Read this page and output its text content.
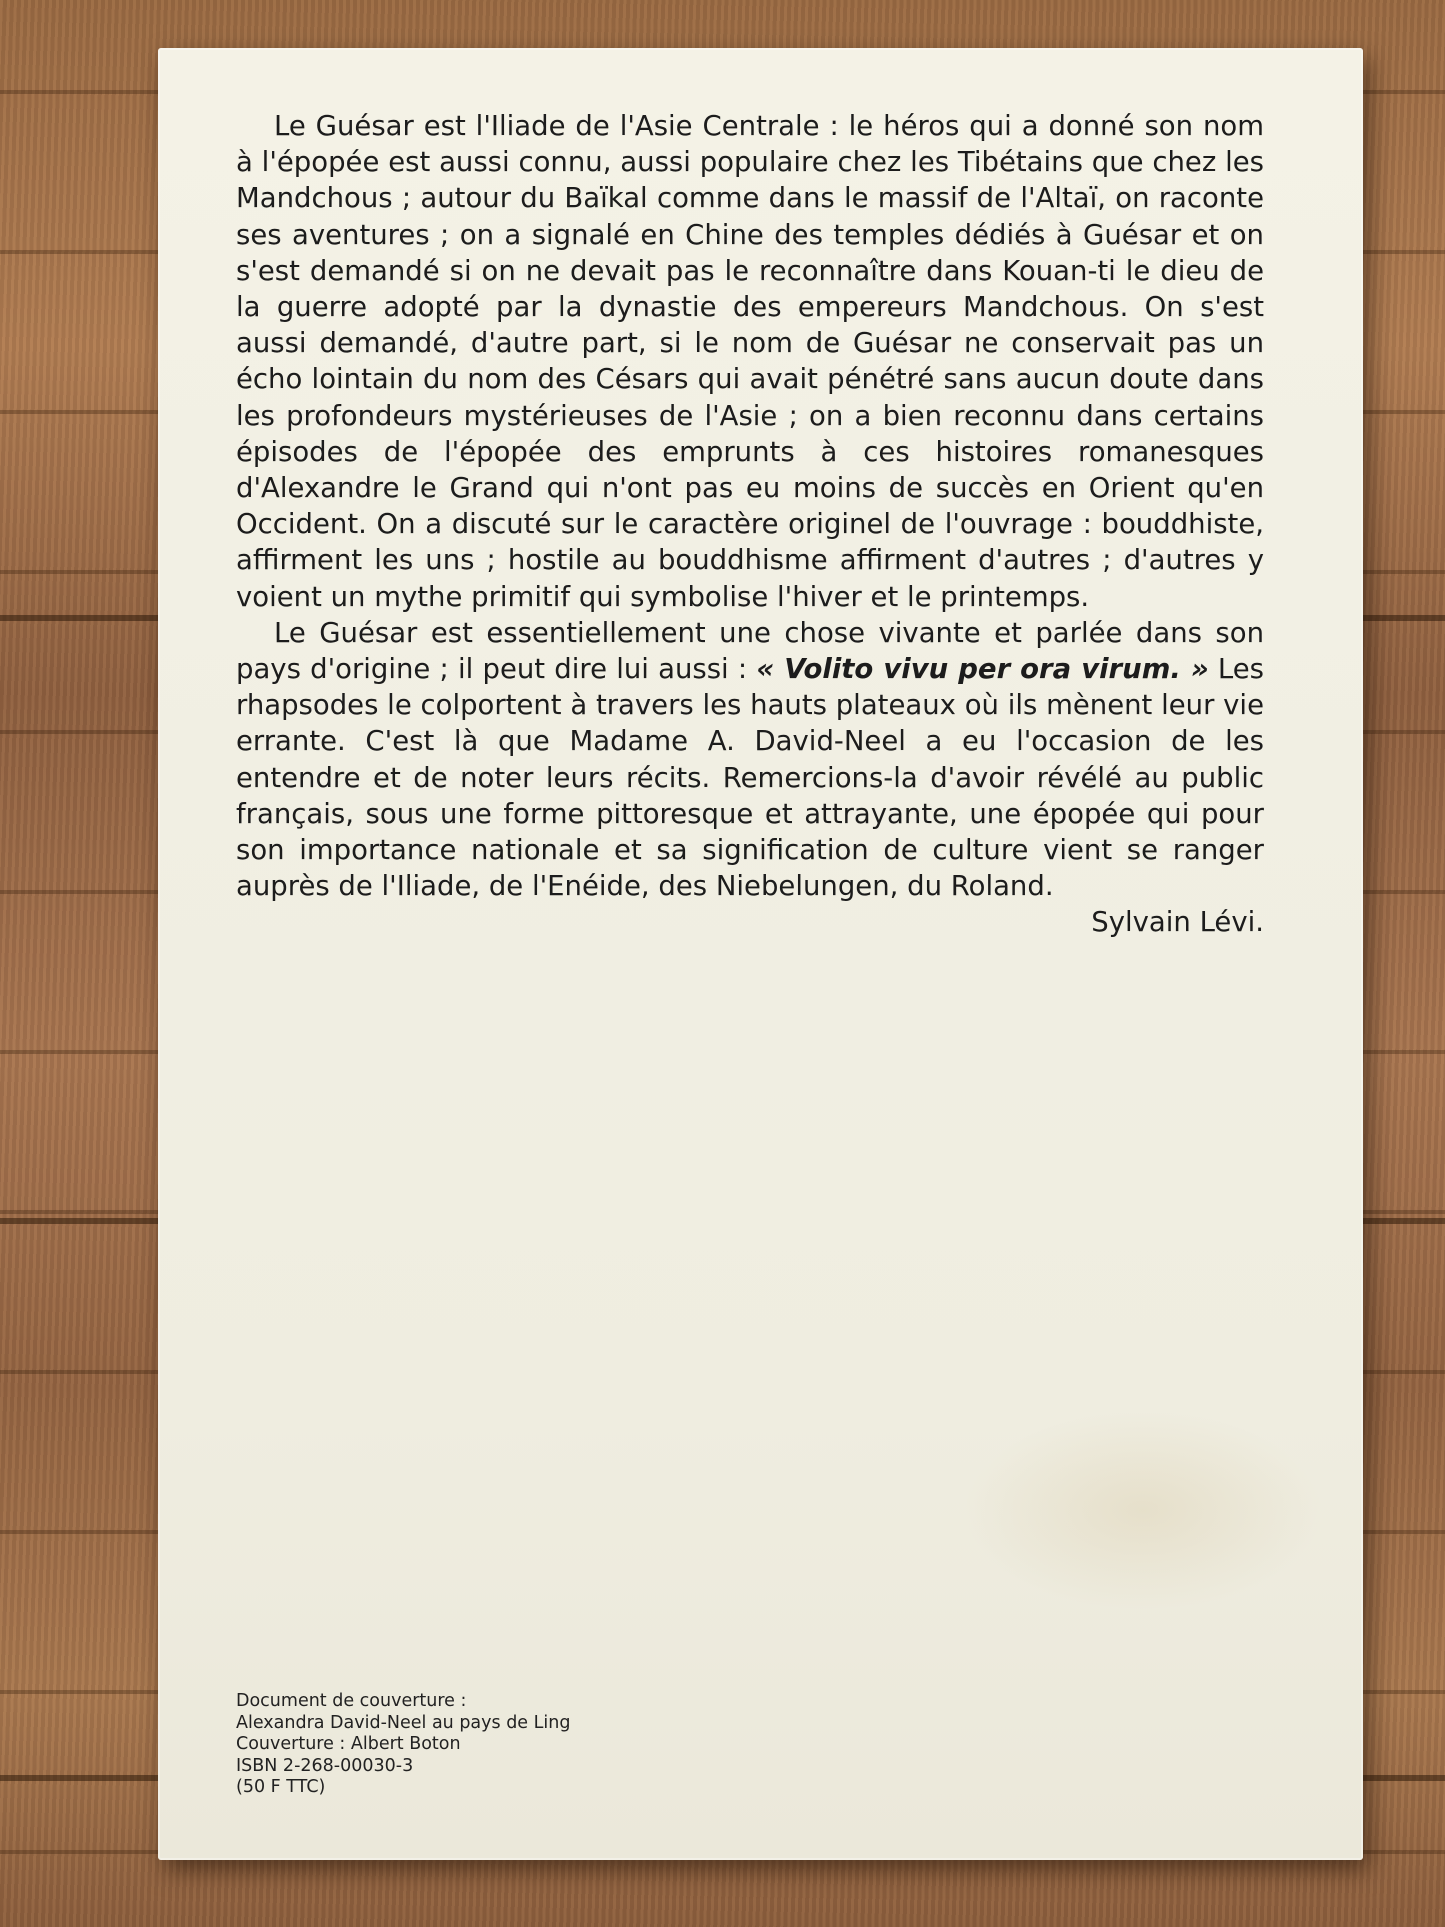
Le Guésar est l'Iliade de l'Asie Centrale : le héros qui a donné son nom à l'épopée est aussi connu, aussi populaire chez les Tibétains que chez les Mandchous ; autour du Baïkal comme dans le massif de l'Altaï, on raconte ses aventures ; on a signalé en Chine des temples dédiés à Guésar et on s'est demandé si on ne devait pas le reconnaître dans Kouan-ti le dieu de la guerre adopté par la dynastie des empereurs Mandchous. On s'est aussi demandé, d'autre part, si le nom de Guésar ne conservait pas un écho lointain du nom des Césars qui avait pénétré sans aucun doute dans les profondeurs mystérieuses de l'Asie ; on a bien reconnu dans certains épisodes de l'épopée des emprunts à ces histoires romanesques d'Alexandre le Grand qui n'ont pas eu moins de succès en Orient qu'en Occident. On a discuté sur le caractère originel de l'ouvrage : bouddhiste, affirment les uns ; hostile au bouddhisme affirment d'autres ; d'autres y voient un mythe primitif qui symbolise l'hiver et le printemps.

Le Guésar est essentiellement une chose vivante et parlée dans son pays d'origine ; il peut dire lui aussi : « Volito vivu per ora virum. » Les rhapsodes le colportent à travers les hauts plateaux où ils mènent leur vie errante. C'est là que Madame A. David-Neel a eu l'occasion de les entendre et de noter leurs récits. Remercions-la d'avoir révélé au public français, sous une forme pittoresque et attrayante, une épopée qui pour son importance nationale et sa signification de culture vient se ranger auprès de l'Iliade, de l'Enéide, des Niebelungen, du Roland.

Sylvain Lévi.

Document de couverture :
Alexandra David-Neel au pays de Ling
Couverture : Albert Boton
ISBN 2-268-00030-3
(50 F TTC)
